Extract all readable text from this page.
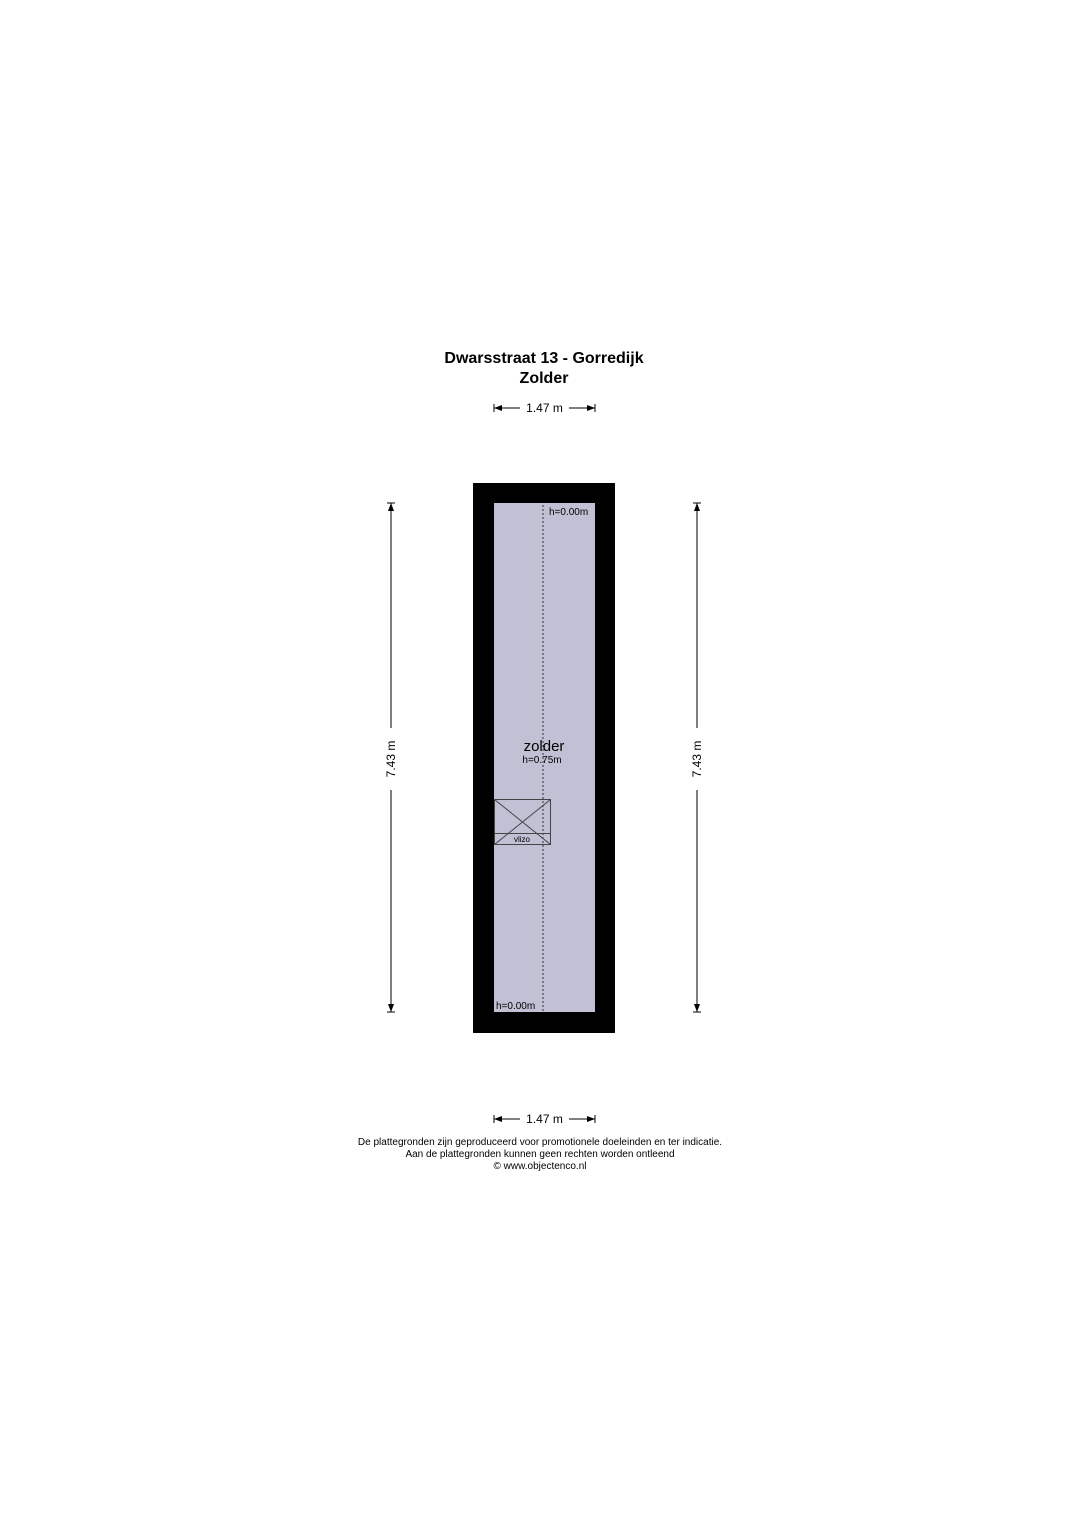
Dwarsstraat 13 - Gorredijk
Zolder
1.47 m
7.43 m	7.43 m
h=0.00m
h=0.00m
zolder
h=0.75m
vlizo
1.47 m
De plattegronden zijn geproduceerd voor promotionele doeleinden en ter indicatie.
Aan de plattegronden kunnen geen rechten worden ontleend
© www.objectenco.nl
